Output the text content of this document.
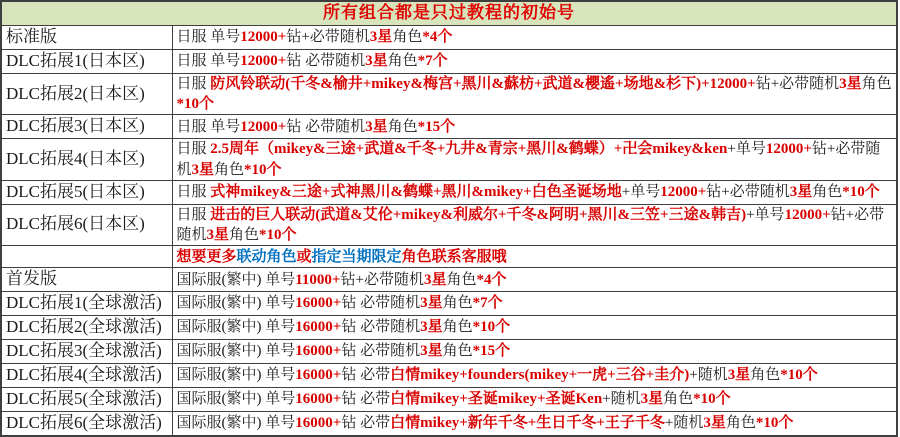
所有组合都是只过教程的初始号	
标准版	日服 单号12000+钻+必带随机3星角色*4个
DLC拓展1(日本区)	日服 单号12000+钻 必带随机3星角色*7个
DLC拓展2(日本区)	日服 防风铃联动(千冬&榆井+mikey&梅宫+黑川&蘇枋+武道&櫻遙+场地&杉下)+12000+钻+必带随机3星角色*10个
DLC拓展3(日本区)	日服 单号12000+钻 必带随机3星角色*15个
DLC拓展4(日本区)	日服 2.5周年（mikey&三途+武道&千冬+九井&青宗+黑川&鹤蝶）+卍会mikey&ken+单号12000+钻+必带随机3星角色*10个
DLC拓展5(日本区)	日服 式神mikey&三途+式神黑川&鹤蝶+黑川&mikey+白色圣诞场地+单号12000+钻+必带随机3星角色*10个
DLC拓展6(日本区)	日服 进击的巨人联动(武道&艾伦+mikey&利威尔+千冬&阿明+黑川&三笠+三途&韩吉)+单号12000+钻+必带随机3星角色*10个
	想要更多联动角色或指定当期限定角色联系客服哦
首发版	国际服(繁中) 单号11000+钻+必带随机3星角色*4个
DLC拓展1(全球激活)	国际服(繁中) 单号16000+钻 必带随机3星角色*7个
DLC拓展2(全球激活)	国际服(繁中) 单号16000+钻 必带随机3星角色*10个
DLC拓展3(全球激活)	国际服(繁中) 单号16000+钻 必带随机3星角色*15个
DLC拓展4(全球激活)	国际服(繁中) 单号16000+钻 必带白情mikey+founders(mikey+一虎+三谷+圭介)+随机3星角色*10个
DLC拓展5(全球激活)	国际服(繁中) 单号16000+钻 必带白情mikey+圣诞mikey+圣诞Ken+随机3星角色*10个
DLC拓展6(全球激活)	国际服(繁中) 单号16000+钻 必带白情mikey+新年千冬+生日千冬+王子千冬+随机3星角色*10个
